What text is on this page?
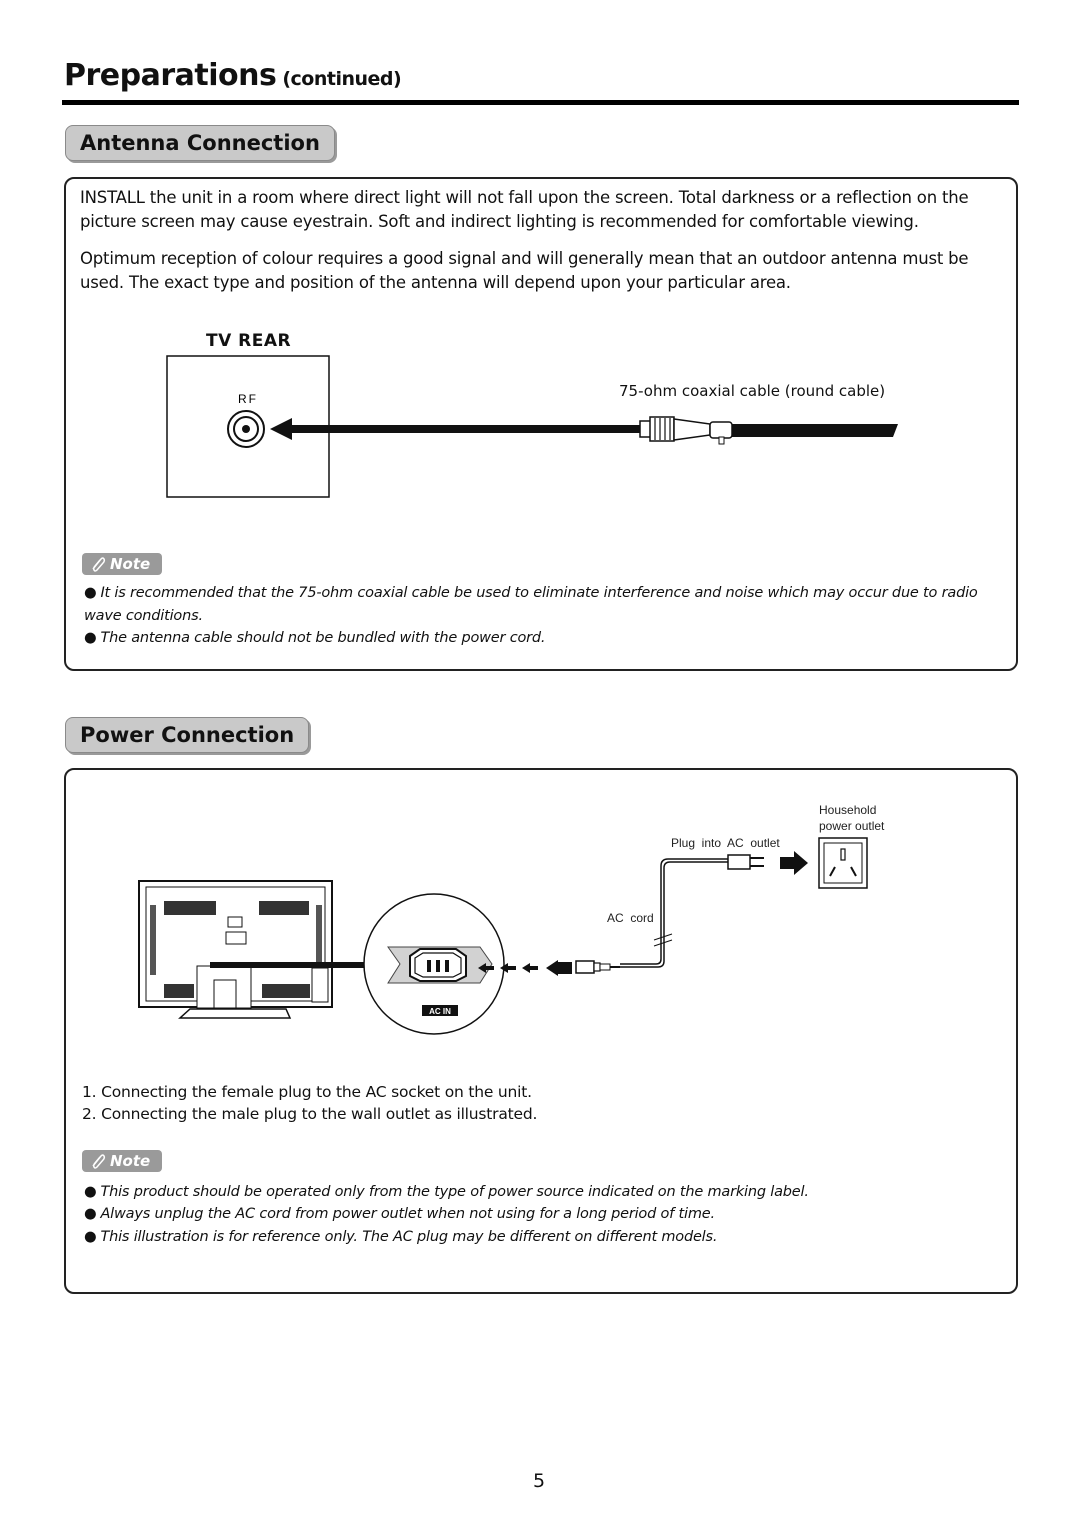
Preparations (continued)
Antenna Connection
INSTALL the unit in a room where direct light will not fall upon the screen. Total darkness or a reflection on the picture screen may cause eyestrain. Soft and indirect lighting is recommended for comfortable viewing.
Optimum reception of colour requires a good signal and will generally mean that an outdoor antenna must be used. The exact type and position of the antenna will depend upon your particular area.
TV REAR
75-ohm coaxial cable (round cable)
RF
Note
● It is recommended that the 75-ohm coaxial cable be used to eliminate interference and noise which may occur due to radio wave conditions.
● The antenna cable should not be bundled with the power cord.
Power Connection
Household
power outlet
Plug  into  AC  outlet
AC  cord
AC IN
1. Connecting the female plug to the AC socket on the unit.
2. Connecting the male plug to the wall outlet as illustrated.
Note
● This product should be operated only from the type of power source indicated on the marking label.
● Always unplug the AC cord from power outlet when not using for a long period of time.
● This illustration is for reference only. The AC plug may be different on different models.
5
